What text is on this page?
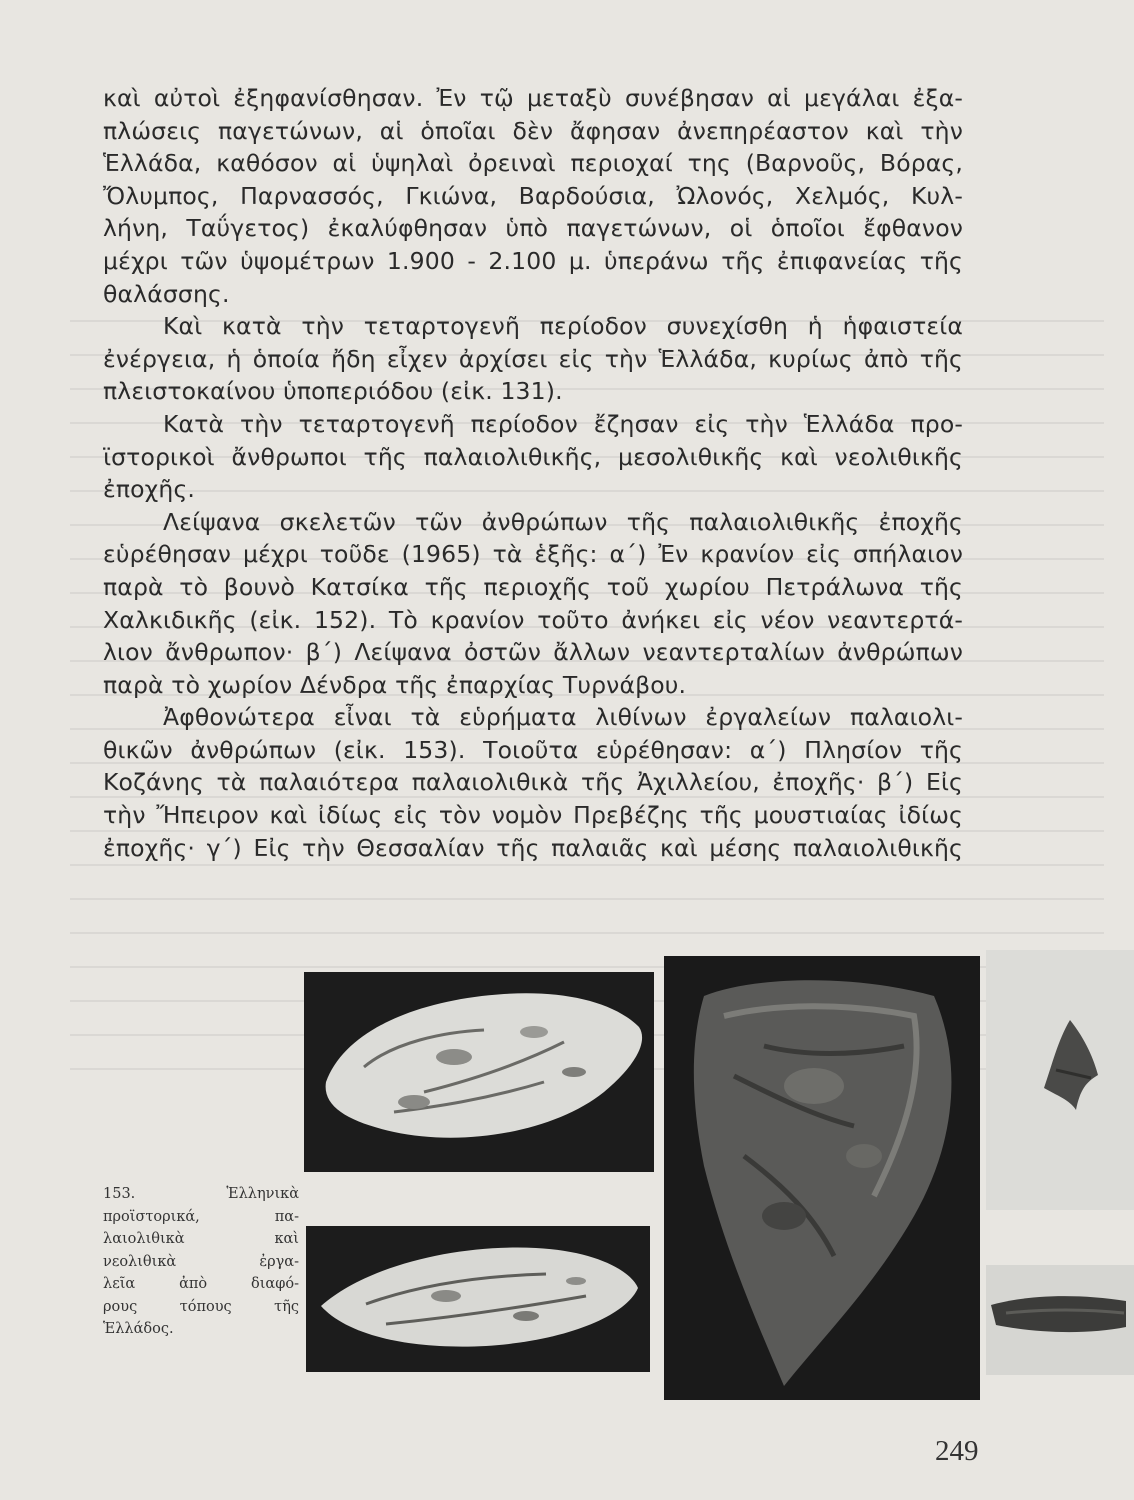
καὶ αὐτοὶ ἐξηφανίσθησαν. Ἐν τῷ μεταξὺ συνέβησαν αἱ μεγάλαι ἐξα-
πλώσεις παγετώνων, αἱ ὁποῖαι δὲν ἄφησαν ἀνεπηρέαστον καὶ τὴν
Ἑλλάδα, καθόσον αἱ ὑψηλαὶ ὀρειναὶ περιοχαί της (Βαρνοῦς, Βόρας,
Ὄλυμπος, Παρνασσός, Γκιώνα, Βαρδούσια, Ὠλονός, Χελμός, Κυλ-
λήνη, Ταΰγετος) ἐκαλύφθησαν ὑπὸ παγετώνων, οἱ ὁποῖοι ἔφθανον
μέχρι τῶν ὑψομέτρων 1.900 - 2.100 μ. ὑπεράνω τῆς ἐπιφανείας τῆς
θαλάσσης.
Καὶ κατὰ τὴν τεταρτογενῆ περίοδον συνεχίσθη ἡ ἡφαιστεία
ἐνέργεια, ἡ ὁποία ἤδη εἶχεν ἀρχίσει εἰς τὴν Ἑλλάδα, κυρίως ἀπὸ τῆς
πλειστοκαίνου ὑποπεριόδου (εἰκ. 131).
Κατὰ τὴν τεταρτογενῆ περίοδον ἔζησαν εἰς τὴν Ἑλλάδα προ-
ϊστορικοὶ ἄνθρωποι τῆς παλαιολιθικῆς, μεσολιθικῆς καὶ νεολιθικῆς
ἐποχῆς.
Λείψανα σκελετῶν τῶν ἀνθρώπων τῆς παλαιολιθικῆς ἐποχῆς
εὑρέθησαν μέχρι τοῦδε (1965) τὰ ἑξῆς: α΄) Ἐν κρανίον εἰς σπήλαιον
παρὰ τὸ βουνὸ Κατσίκα τῆς περιοχῆς τοῦ χωρίου Πετράλωνα τῆς
Χαλκιδικῆς (εἰκ. 152). Τὸ κρανίον τοῦτο ἀνήκει εἰς νέον νεαντερτά-
λιον ἄνθρωπον· β΄) Λείψανα ὀστῶν ἄλλων νεαντερταλίων ἀνθρώπων
παρὰ τὸ χωρίον Δένδρα τῆς ἐπαρχίας Τυρνάβου.
Ἀφθονώτερα εἶναι τὰ εὑρήματα λιθίνων ἐργαλείων παλαιολι-
θικῶν ἀνθρώπων (εἰκ. 153). Τοιοῦτα εὑρέθησαν: α΄) Πλησίον τῆς
Κοζάνης τὰ παλαιότερα παλαιολιθικὰ τῆς Ἀχιλλείου, ἐποχῆς· β΄) Εἰς
τὴν Ἤπειρον καὶ ἰδίως εἰς τὸν νομὸν Πρεβέζης τῆς μουστιαίας ἰδίως
ἐποχῆς· γ΄) Εἰς τὴν Θεσσαλίαν τῆς παλαιᾶς καὶ μέσης παλαιολιθικῆς
153. Ἑλληνικὰ
προϊστορικά, πα-
λαιολιθικὰ καὶ
νεολιθικὰ ἐργα-
λεῖα ἀπὸ διαφό-
ρους τόπους τῆς
Ἑλλάδος.
249
